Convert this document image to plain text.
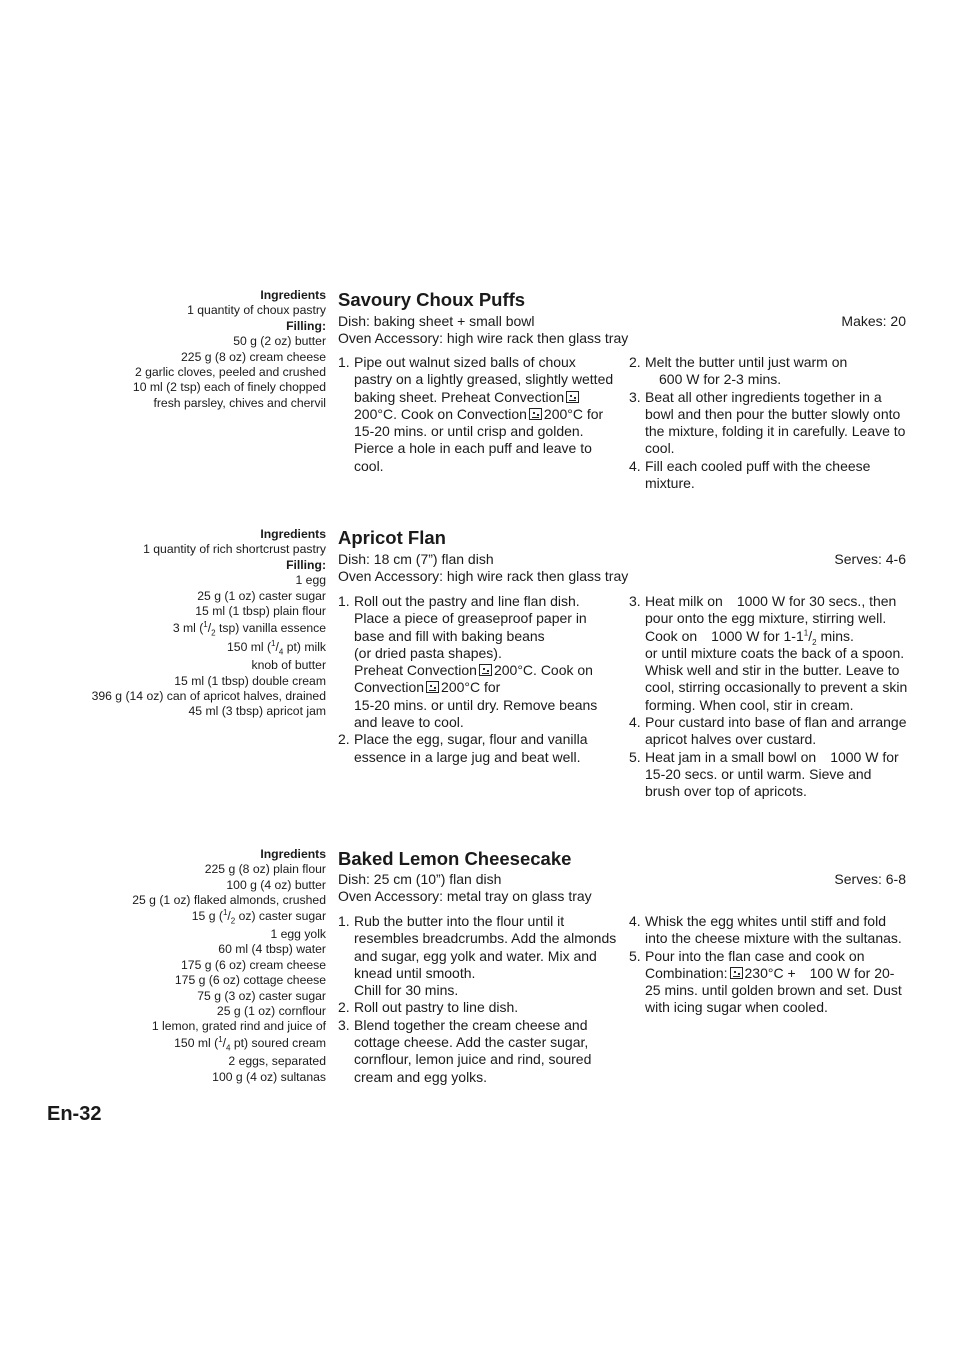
Ingredients
1 quantity of choux pastry
Filling:
50 g (2 oz) butter
225 g (8 oz) cream cheese
2 garlic cloves, peeled and crushed
10 ml (2 tsp) each of finely chopped
fresh parsley, chives and chervil
Savoury Choux Puffs
Dish: baking sheet + small bowl	Makes: 20
Oven Accessory: high wire rack then glass tray
1. Pipe out walnut sized balls of choux pastry on a lightly greased, slightly wetted baking sheet. Preheat Convection200°C. Cook on Convection 200°C for 15-20 mins. or until crisp and golden. Pierce a hole in each puff and leave to cool.
2. Melt the butter until just warm on
600 W for 2-3 mins.
3. Beat all other ingredients together in a bowl and then pour the butter slowly onto the mixture, folding it in carefully. Leave to cool.
4. Fill each cooled puff with the cheese mixture.
Ingredients
1 quantity of rich shortcrust pastry
Filling:
1 egg
25 g (1 oz) caster sugar
15 ml (1 tbsp) plain flour
3 ml ($^1/_2$ tsp) vanilla essence
150 ml ($^1/_4$ pt) milk
knob of butter
15 ml (1 tbsp) double cream
396 g (14 oz) can of apricot halves, drained
45 ml (3 tbsp) apricot jam
Apricot Flan
Dish: 18 cm (7”) flan dish	Serves: 4-6
Oven Accessory: high wire rack then glass tray
1. Roll out the pastry and line flan dish. Place a piece of greaseproof paper in base and fill with baking beans
(or dried pasta shapes).
Preheat Convection 200°C. Cook on Convection 200°C for
15-20 mins. or until dry. Remove beans and leave to cool.
2. Place the egg, sugar, flour and vanilla essence in a large jug and beat well.
3. Heat milk on 1000 W for 30 secs., then pour onto the egg mixture, stirring well. Cook on 1000 W for $1-1^1/_2$ mins.
or until mixture coats the back of a spoon. Whisk well and stir in the butter. Leave to cool, stirring occasionally to prevent a skin forming. When cool, stir in cream.
4. Pour custard into base of flan and arrange apricot halves over custard.
5. Heat jam in a small bowl on 1000 W for 15-20 secs. or until warm. Sieve and brush over top of apricots.
Ingredients
225 g (8 oz) plain flour
100 g (4 oz) butter
25 g (1 oz) flaked almonds, crushed
15 g ($^1/_2$ oz) caster sugar
1 egg yolk
60 ml (4 tbsp) water
175 g (6 oz) cream cheese
175 g (6 oz) cottage cheese
75 g (3 oz) caster sugar
25 g (1 oz) cornflour
1 lemon, grated rind and juice of
150 ml ($^1/_4$ pt) soured cream
2 eggs, separated
100 g (4 oz) sultanas
Baked Lemon Cheesecake
Dish: 25 cm (10”) flan dish	Serves: 6-8
Oven Accessory: metal tray on glass tray
1. Rub the butter into the flour until it resembles breadcrumbs. Add the almonds and sugar, egg yolk and water. Mix and knead until smooth.
Chill for 30 mins.
2. Roll out pastry to line dish.
3. Blend together the cream cheese and cottage cheese. Add the caster sugar, cornflour, lemon juice and rind, soured cream and egg yolks.
4. Whisk the egg whites until stiff and fold into the cheese mixture with the sultanas.
5. Pour into the flan case and cook on Combination: 230°C + 100 W for 20-25 mins. until golden brown and set. Dust with icing sugar when cooled.
En-32
